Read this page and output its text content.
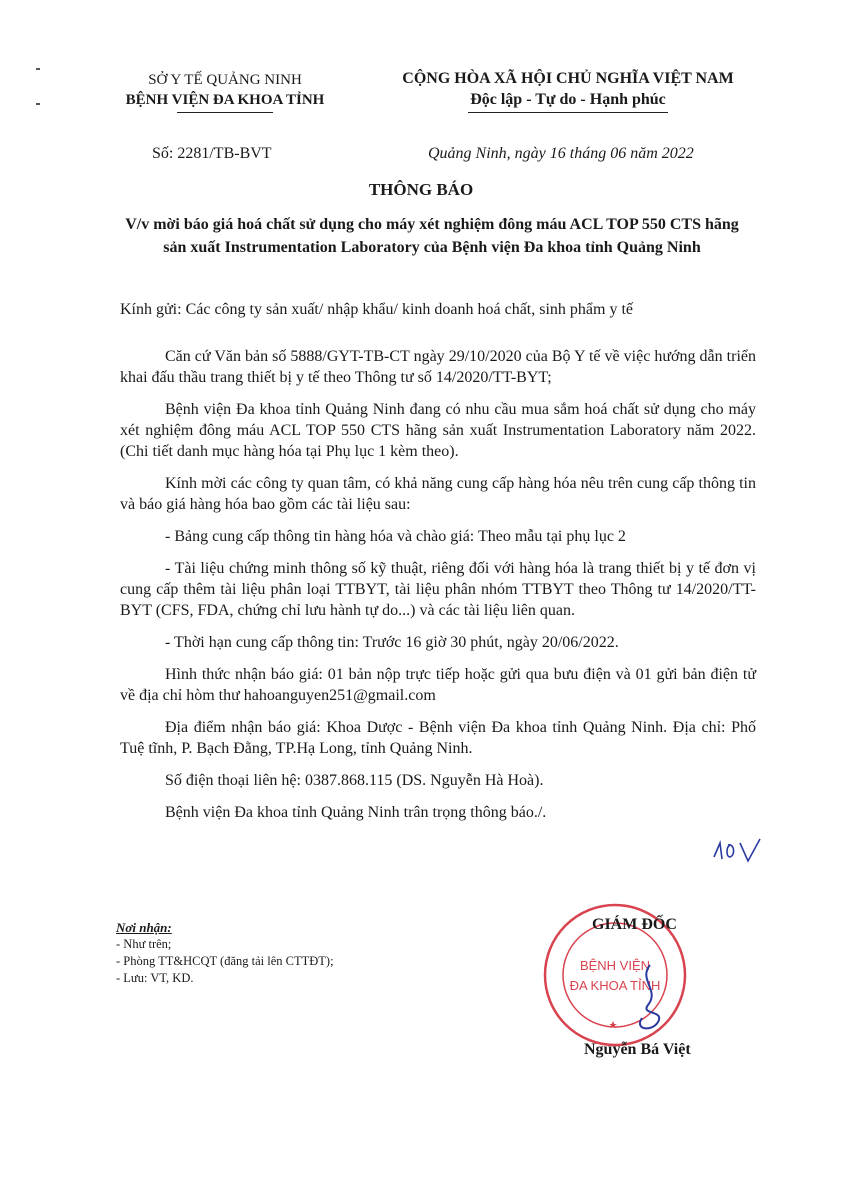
SỞ Y TẾ QUẢNG NINH
BỆNH VIỆN ĐA KHOA TỈNH
CỘNG HÒA XÃ HỘI CHỦ NGHĨA VIỆT NAM
Độc lập - Tự do - Hạnh phúc
Số: 2281/TB-BVT	Quảng Ninh, ngày 16 tháng 06 năm 2022
THÔNG BÁO
V/v mời báo giá hoá chất sử dụng cho máy xét nghiệm đông máu ACL TOP 550 CTS hãng sản xuất Instrumentation Laboratory của Bệnh viện Đa khoa tỉnh Quảng Ninh
Kính gửi: Các công ty sản xuất/ nhập khẩu/ kinh doanh hoá chất, sinh phẩm y tế

Căn cứ Văn bản số 5888/GYT-TB-CT ngày 29/10/2020 của Bộ Y tế về việc hướng dẫn triển khai đấu thầu trang thiết bị y tế theo Thông tư số 14/2020/TT-BYT;

Bệnh viện Đa khoa tỉnh Quảng Ninh đang có nhu cầu mua sắm hoá chất sử dụng cho máy xét nghiệm đông máu ACL TOP 550 CTS hãng sản xuất Instrumentation Laboratory năm 2022. (Chi tiết danh mục hàng hóa tại Phụ lục 1 kèm theo).

Kính mời các công ty quan tâm, có khả năng cung cấp hàng hóa nêu trên cung cấp thông tin và báo giá hàng hóa bao gồm các tài liệu sau:

- Bảng cung cấp thông tin hàng hóa và chào giá: Theo mẫu tại phụ lục 2

- Tài liệu chứng minh thông số kỹ thuật, riêng đối với hàng hóa là trang thiết bị y tế đơn vị cung cấp thêm tài liệu phân loại TTBYT, tài liệu phân nhóm TTBYT theo Thông tư 14/2020/TT-BYT (CFS, FDA, chứng chỉ lưu hành tự do...) và các tài liệu liên quan.

- Thời hạn cung cấp thông tin: Trước 16 giờ 30 phút, ngày 20/06/2022.

Hình thức nhận báo giá: 01 bản nộp trực tiếp hoặc gửi qua bưu điện và 01 gửi bản điện tử về địa chỉ hòm thư hahoanguyen251@gmail.com

Địa điểm nhận báo giá: Khoa Dược - Bệnh viện Đa khoa tỉnh Quảng Ninh. Địa chỉ: Phố Tuệ tĩnh, P. Bạch Đằng, TP.Hạ Long, tỉnh Quảng Ninh.

Số điện thoại liên hệ: 0387.868.115 (DS. Nguyễn Hà Hoà).

Bệnh viện Đa khoa tỉnh Quảng Ninh trân trọng thông báo./.

Nơi nhận:
- Như trên;
- Phòng TT&HCQT (đăng tải lên CTTĐT);
- Lưu: VT, KD.
BỆNH VIỆN
ĐA KHOA TỈNH
GIÁM ĐỐC
Nguyễn Bá Việt
